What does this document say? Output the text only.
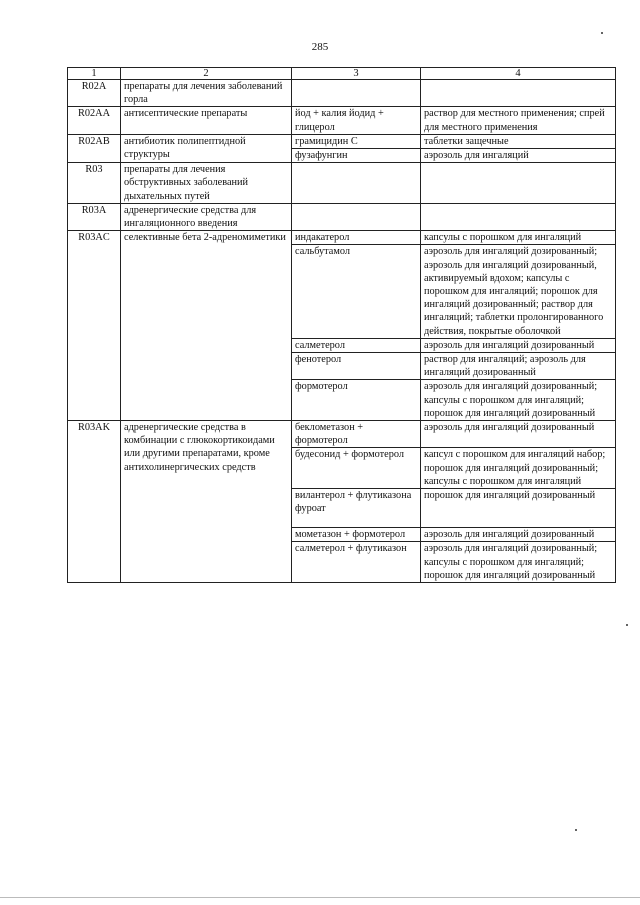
285
1	2	3	4
R02A	препараты для лечения заболеваний горла		
R02AA	антисептические препараты	йод + калия йодид + глицерол	раствор для местного применения; спрей для местного применения
R02AB	антибиотик полипептидной структуры	грамицидин С	таблетки защечные
		фузафунгин	аэрозоль для ингаляций
R03	препараты для лечения обструктивных заболеваний дыхательных путей		
R03A	адренергические средства для ингаляционного введения		
R03AC	селективные бета 2-адреномиметики	индакатерол	капсулы с порошком для ингаляций
		сальбутамол	аэрозоль для ингаляций дозированный; аэрозоль для ингаляций дозированный, активируемый вдохом; капсулы с порошком для ингаляций; порошок для ингаляций дозированный; раствор для ингаляций; таблетки пролонгированного действия, покрытые оболочкой
		салметерол	аэрозоль для ингаляций дозированный
		фенотерол	раствор для ингаляций; аэрозоль для ингаляций дозированный
		формотерол	аэрозоль для ингаляций дозированный; капсулы с порошком для ингаляций; порошок для ингаляций дозированный
R03AK	адренергические средства в комбинации с глюкокортикоидами или другими препаратами, кроме антихолинергических средств	беклометазон + формотерол	аэрозоль для ингаляций дозированный
		будесонид + формотерол	капсул с порошком для ингаляций набор; порошок для ингаляций дозированный; капсулы с порошком для ингаляций
		вилантерол + флутиказона фуроат	порошок для ингаляций дозированный
		мометазон + формотерол	аэрозоль для ингаляций дозированный
		салметерол + флутиказон	аэрозоль для ингаляций дозированный; капсулы с порошком для ингаляций; порошок для ингаляций дозированный
